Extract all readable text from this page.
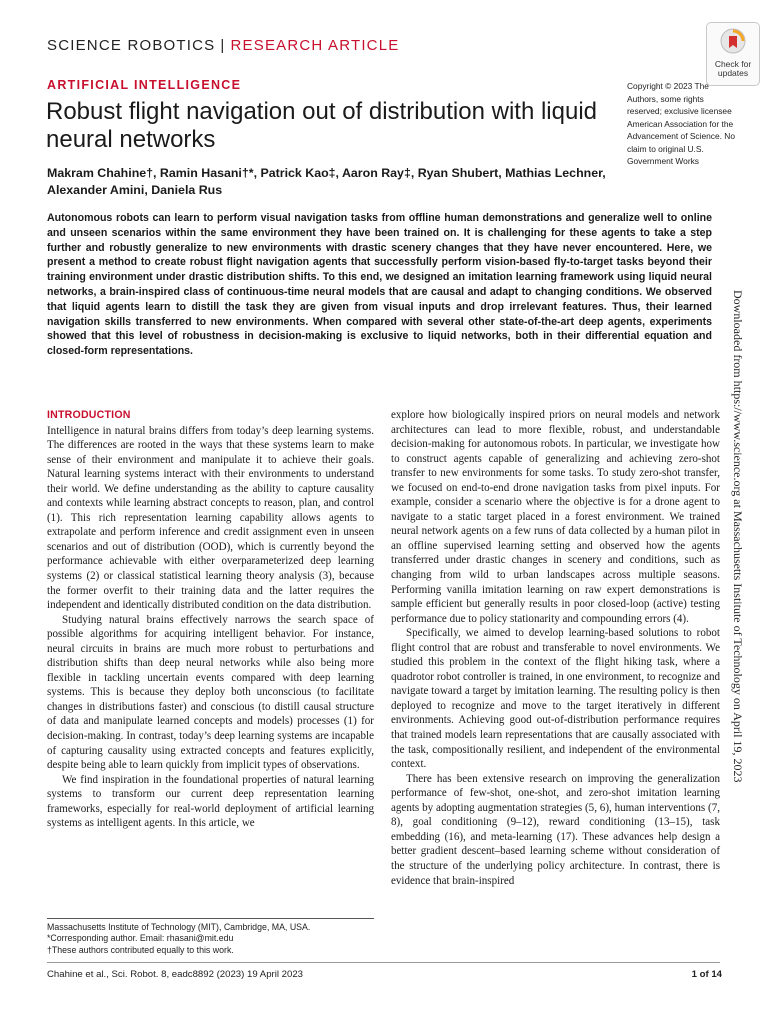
SCIENCE ROBOTICS | RESEARCH ARTICLE
Check for
updates
ARTIFICIAL INTELLIGENCE
Robust flight navigation out of distribution with liquid neural networks
Makram Chahine†, Ramin Hasani†*, Patrick Kao‡, Aaron Ray‡, Ryan Shubert, Mathias Lechner,
Alexander Amini, Daniela Rus
Copyright © 2023 The Authors, some rights reserved; exclusive licensee American Association for the Advancement of Science. No claim to original U.S. Government Works
Autonomous robots can learn to perform visual navigation tasks from offline human demonstrations and generalize well to online and unseen scenarios within the same environment they have been trained on. It is challenging for these agents to take a step further and robustly generalize to new environments with drastic scenery changes that they have never encountered. Here, we present a method to create robust flight navigation agents that successfully perform vision-based fly-to-target tasks beyond their training environment under drastic distribution shifts. To this end, we designed an imitation learning framework using liquid neural networks, a brain-inspired class of continuous-time neural models that are causal and adapt to changing conditions. We observed that liquid agents learn to distill the task they are given from visual inputs and drop irrelevant features. Thus, their learned navigation skills transferred to new environments. When compared with several other state-of-the-art deep agents, experiments showed that this level of robustness in decision-making is exclusive to liquid networks, both in their differential equation and closed-form representations.	Downloaded from https://www.science.org at Massachusetts Institute of Technology on April 19, 2023
INTRODUCTION

Intelligence in natural brains differs from today’s deep learning systems. The differences are rooted in the ways that these systems learn to make sense of their environment and manipulate it to achieve their goals. Natural learning systems interact with their environments to understand their world. We define understanding as the ability to capture causality and contexts while learning abstract concepts to reason, plan, and control (1). This rich representation learning capability allows agents to extrapolate and perform inference and credit assignment even in unseen scenarios and out of distribution (OOD), which is currently beyond the performance achievable with either overparameterized deep learning systems (2) or classical statistical learning theory analysis (3), because the former overfit to their training data and the latter requires the independent and identically distributed condition on the data distribution.

Studying natural brains effectively narrows the search space of possible algorithms for acquiring intelligent behavior. For instance, neural circuits in brains are much more robust to perturbations and distribution shifts than deep neural networks while also being more flexible in tackling uncertain events compared with deep learning systems. This is because they deploy both unconscious (to facilitate changes in distributions faster) and conscious (to distill causal structure of data and manipulate learned concepts and models) processes (1) for decision-making. In contrast, today’s deep learning systems are incapable of capturing causality using extracted concepts and features explicitly, despite being able to learn quickly from implicit types of observations.

We find inspiration in the foundational properties of natural learning systems to transform our current deep representation learning frameworks, especially for real-world deployment of artificial learning systems as intelligent agents. In this article, we

explore how biologically inspired priors on neural models and network architectures can lead to more flexible, robust, and understandable decision-making for autonomous robots. In particular, we investigate how to construct agents capable of generalizing and achieving zero-shot transfer to new environments for some tasks. To study zero-shot transfer, we focused on end-to-end drone navigation tasks from pixel inputs. For example, consider a scenario where the objective is for a drone agent to navigate to a static target placed in a forest environment. We trained neural network agents on a few runs of data collected by a human pilot in an offline supervised learning setting and observed how the agents transferred under drastic changes in scenery and conditions, such as changing from wild to urban landscapes across multiple seasons. Performing vanilla imitation learning on raw expert demonstrations is sample efficient but generally results in poor closed-loop (active) testing performance due to policy stationarity and compounding errors (4).

Specifically, we aimed to develop learning-based solutions to robot flight control that are robust and transferable to novel environments. We studied this problem in the context of the flight hiking task, where a quadrotor robot controller is trained, in one environment, to recognize and navigate toward a target by imitation learning. The resulting policy is then deployed to recognize and move to the target iteratively in different environments. Achieving good out-of-distribution performance requires that trained models learn representations that are causally associated with the task, compositionally resilient, and independent of the environmental context.

There has been extensive research on improving the generalization performance of few-shot, one-shot, and zero-shot imitation learning agents by adopting augmentation strategies (5, 6), human interventions (7, 8), goal conditioning (9–12), reward conditioning (13–15), task embedding (16), and meta-learning (17). These advances help design a better gradient descent–based learning scheme without consideration of the structure of the underlying policy architecture. In contrast, there is evidence that brain-inspired

Massachusetts Institute of Technology (MIT), Cambridge, MA, USA.
*Corresponding author. Email: rhasani@mit.edu
†These authors contributed equally to this work.
Chahine et al., Sci. Robot. 8, eadc8892 (2023) 19 April 2023	1 of 14
